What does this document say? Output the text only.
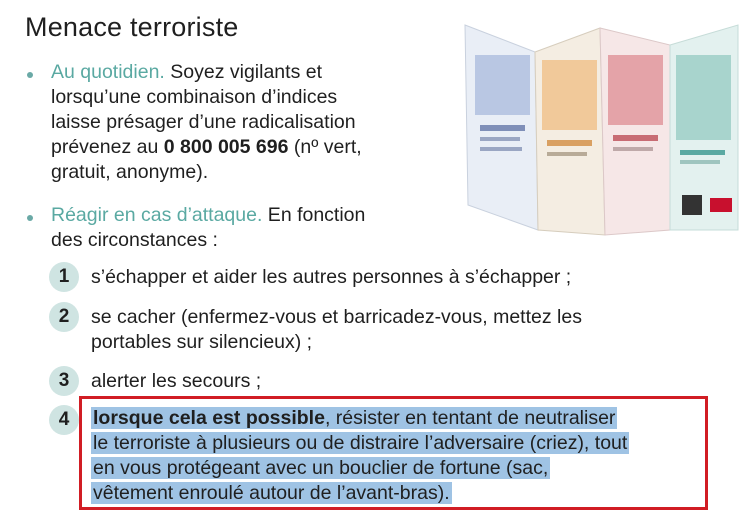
Menace terroriste
Au quotidien. Soyez vigilants et
lorsqu’une combinaison d’indices
laisse présager d’une radicalisation
prévenez au 0 800 005 696 (nº vert,
gratuit, anonyme).
Réagir en cas d’attaque. En fonction
des circonstances :
1	s’échapper et aider les autres personnes à s’échapper ;
2	se cacher (enfermez-vous et barricadez-vous, mettez les
portables sur silencieux) ;
3	alerter les secours ;
4	lorsque cela est possible, résister en tentant de neutraliser
le terroriste à plusieurs ou de distraire l’adversaire (criez), tout
en vous protégeant avec un bouclier de fortune (sac,
vêtement enroulé autour de l’avant-bras).
